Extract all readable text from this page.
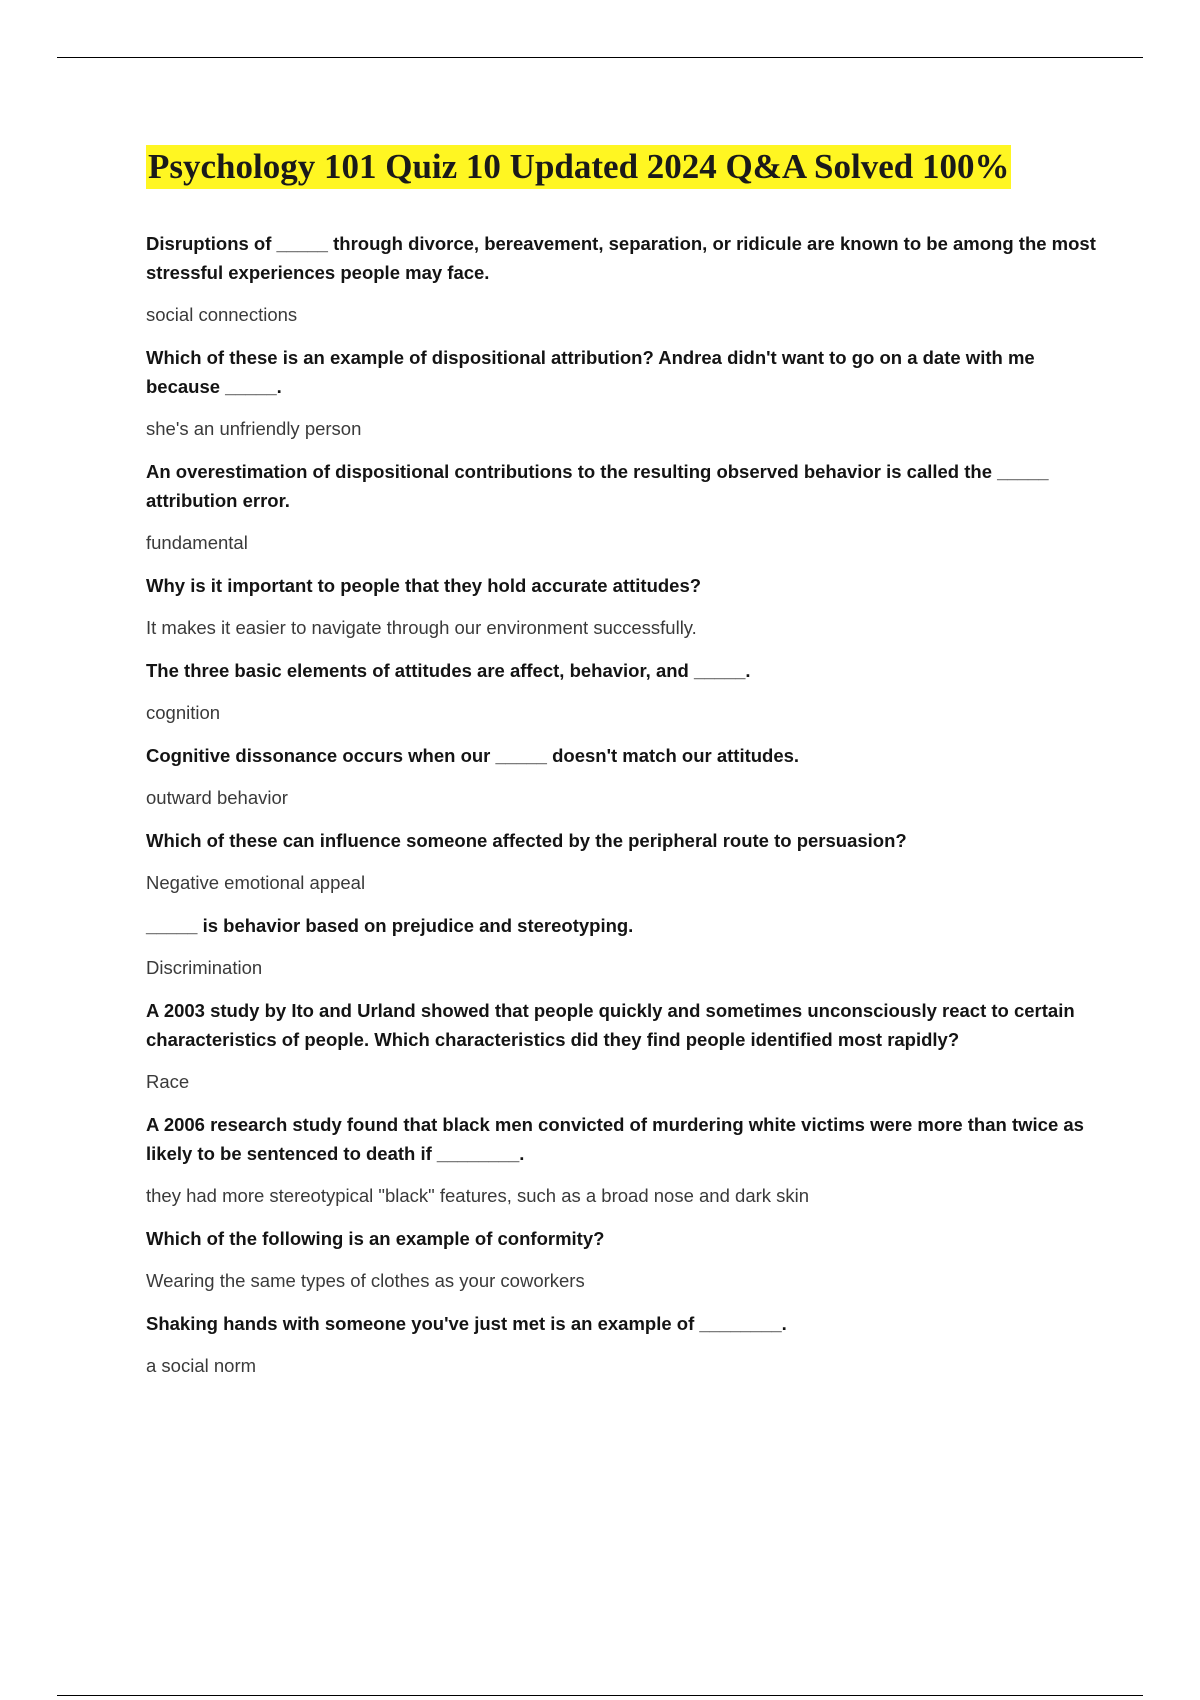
Psychology 101 Quiz 10 Updated 2024 Q&A Solved 100%
Disruptions of _____ through divorce, bereavement, separation, or ridicule are known to be among the most stressful experiences people may face.
social connections
Which of these is an example of dispositional attribution? Andrea didn't want to go on a date with me because _____.
she's an unfriendly person
An overestimation of dispositional contributions to the resulting observed behavior is called the _____ attribution error.
fundamental
Why is it important to people that they hold accurate attitudes?
It makes it easier to navigate through our environment successfully.
The three basic elements of attitudes are affect, behavior, and _____.
cognition
Cognitive dissonance occurs when our _____ doesn't match our attitudes.
outward behavior
Which of these can influence someone affected by the peripheral route to persuasion?
Negative emotional appeal
_____ is behavior based on prejudice and stereotyping.
Discrimination
A 2003 study by Ito and Urland showed that people quickly and sometimes unconsciously react to certain characteristics of people. Which characteristics did they find people identified most rapidly?
Race
A 2006 research study found that black men convicted of murdering white victims were more than twice as likely to be sentenced to death if ________.
they had more stereotypical "black" features, such as a broad nose and dark skin
Which of the following is an example of conformity?
Wearing the same types of clothes as your coworkers
Shaking hands with someone you've just met is an example of ________.
a social norm
